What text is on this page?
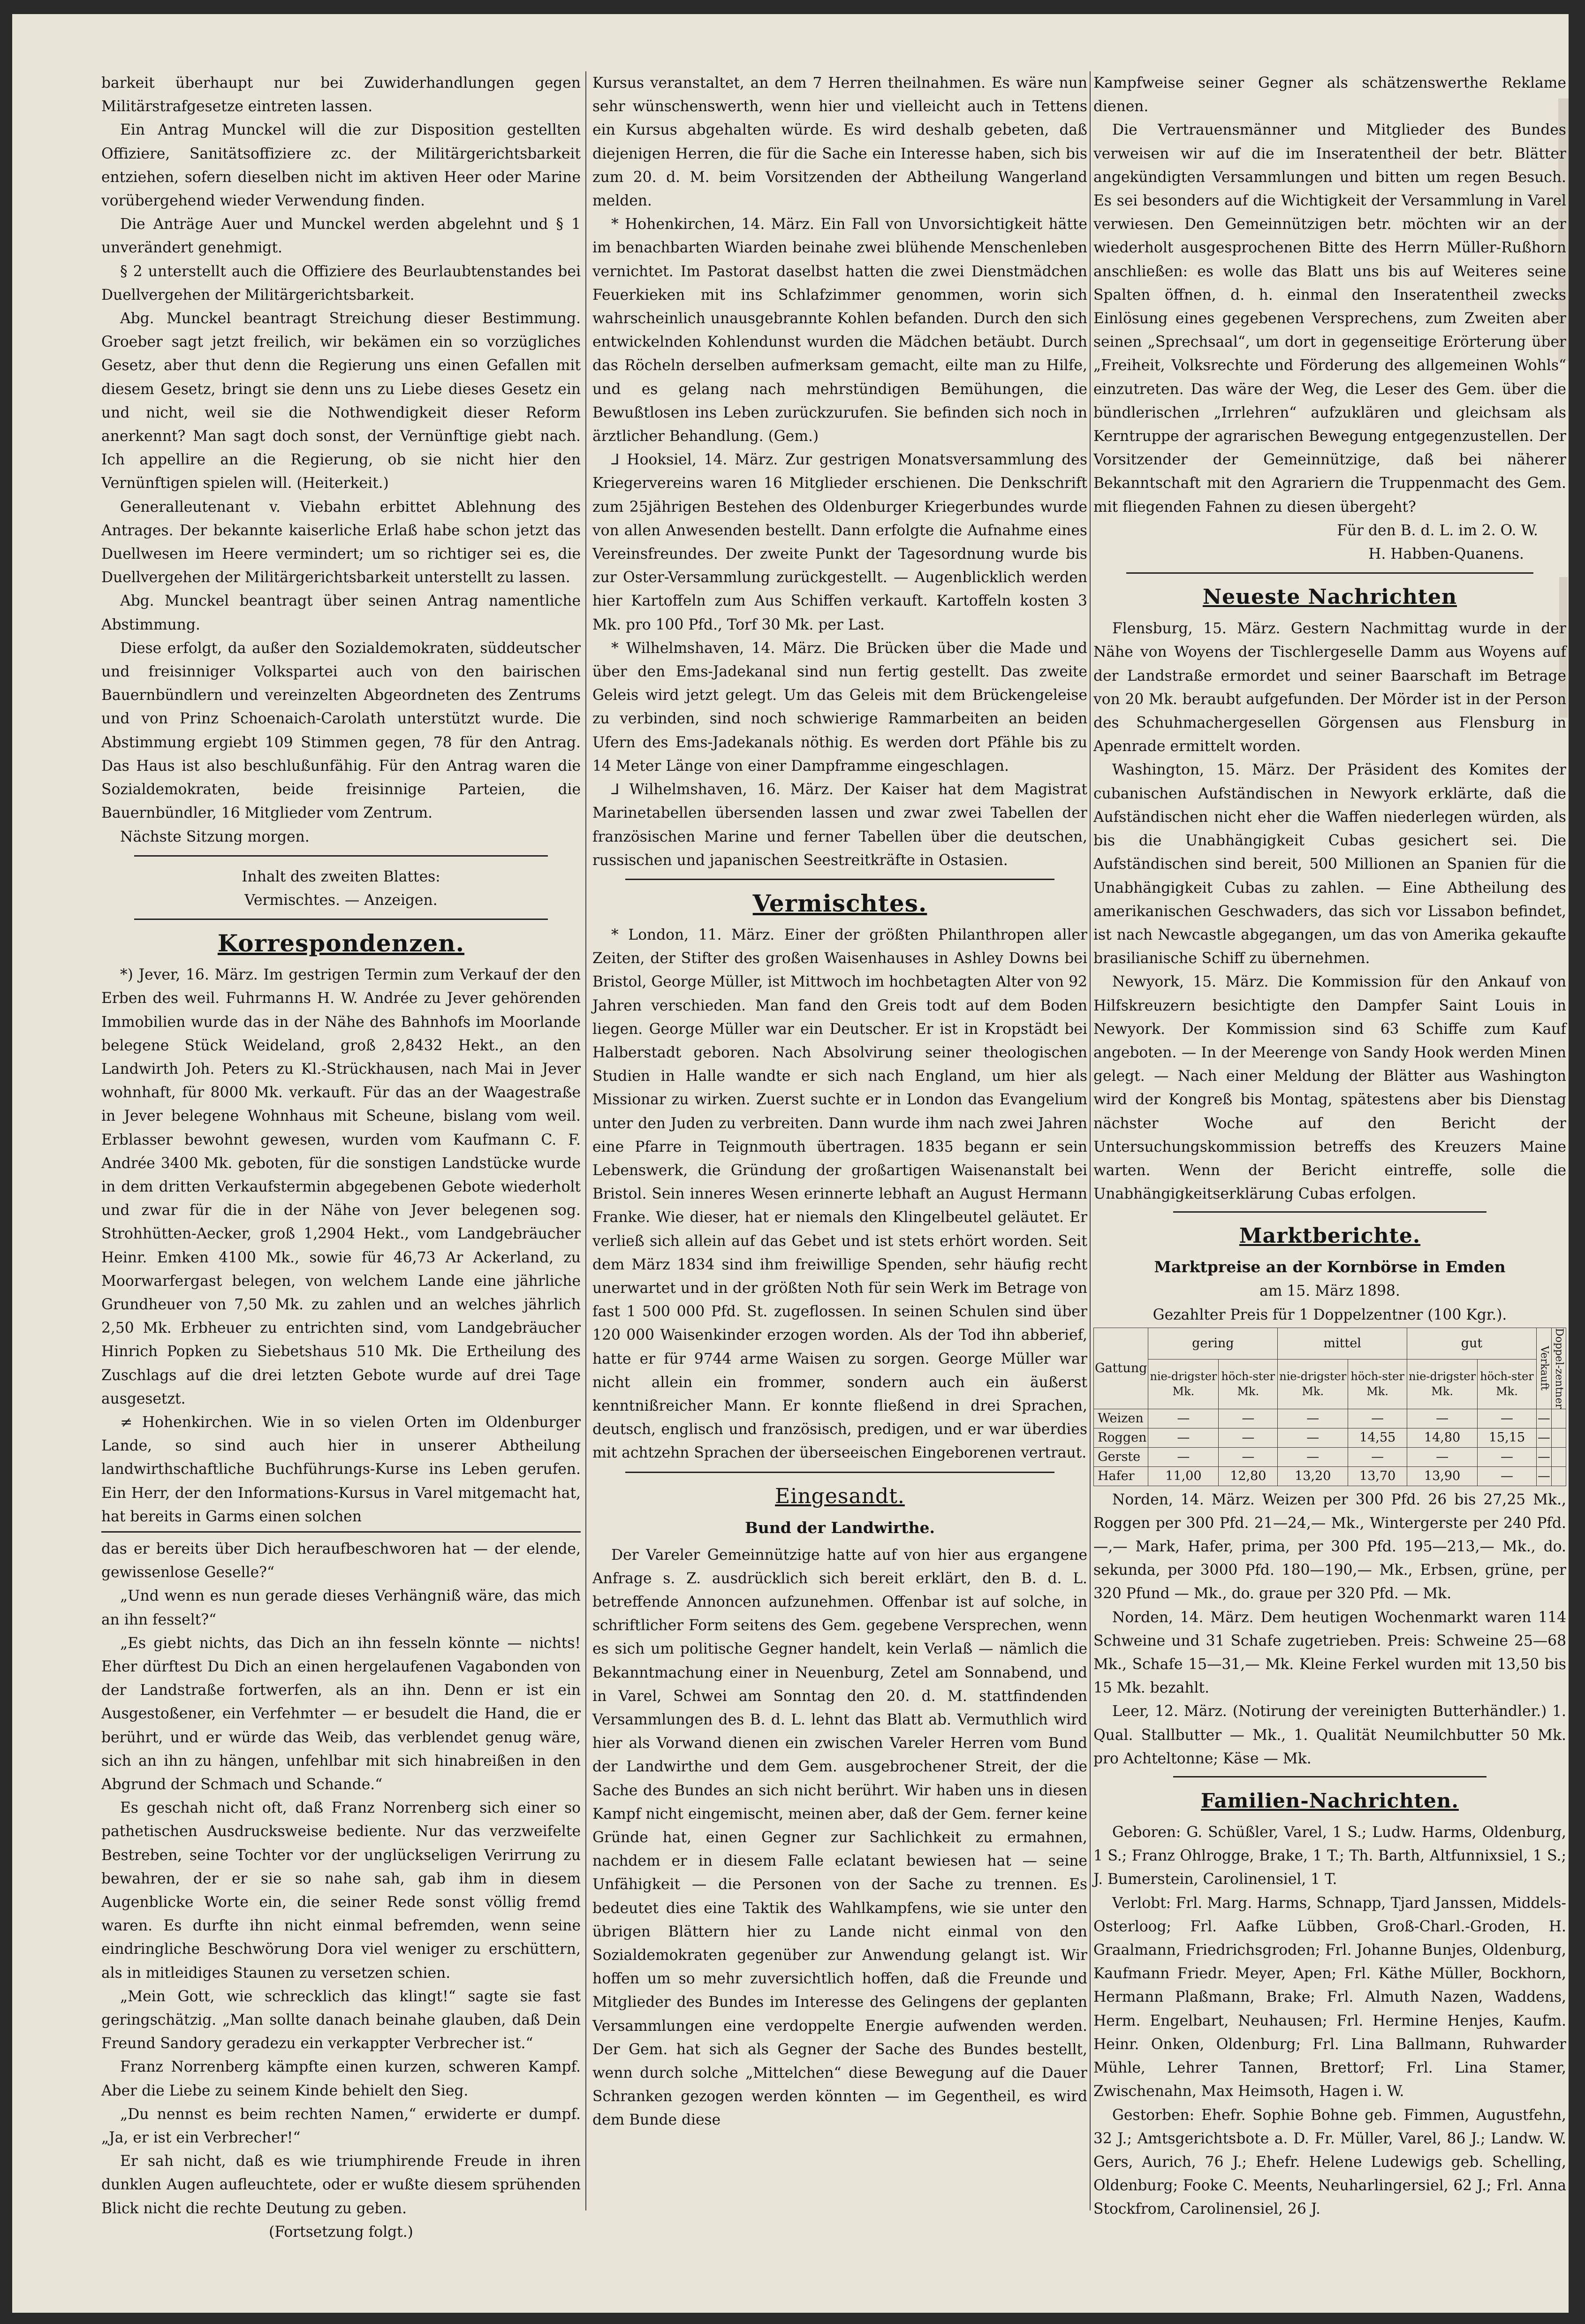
barkeit überhaupt nur bei Zuwiderhandlungen gegen Militärstrafgesetze eintreten lassen.

Ein Antrag Munckel will die zur Disposition gestellten Offiziere, Sanitätsoffiziere zc. der Militärgerichtsbarkeit entziehen, sofern dieselben nicht im aktiven Heer oder Marine vorübergehend wieder Verwendung finden.

Die Anträge Auer und Munckel werden abgelehnt und § 1 unverändert genehmigt.

§ 2 unterstellt auch die Offiziere des Beurlaubtenstandes bei Duellvergehen der Militärgerichtsbarkeit.

Abg. Munckel beantragt Streichung dieser Bestimmung. Groeber sagt jetzt freilich, wir bekämen ein so vorzügliches Gesetz, aber thut denn die Regierung uns einen Gefallen mit diesem Gesetz, bringt sie denn uns zu Liebe dieses Gesetz ein und nicht, weil sie die Nothwendigkeit dieser Reform anerkennt? Man sagt doch sonst, der Vernünftige giebt nach. Ich appellire an die Regierung, ob sie nicht hier den Vernünftigen spielen will. (Heiterkeit.)

Generalleutenant v. Viebahn erbittet Ablehnung des Antrages. Der bekannte kaiserliche Erlaß habe schon jetzt das Duellwesen im Heere vermindert; um so richtiger sei es, die Duellvergehen der Militärgerichtsbarkeit unterstellt zu lassen.

Abg. Munckel beantragt über seinen Antrag namentliche Abstimmung.

Diese erfolgt, da außer den Sozialdemokraten, süddeutscher und freisinniger Volkspartei auch von den bairischen Bauernbündlern und vereinzelten Abgeordneten des Zentrums und von Prinz Schoenaich-Carolath unterstützt wurde. Die Abstimmung ergiebt 109 Stimmen gegen, 78 für den Antrag. Das Haus ist also beschlußunfähig. Für den Antrag waren die Sozialdemokraten, beide freisinnige Parteien, die Bauernbündler, 16 Mitglieder vom Zentrum.

Nächste Sitzung morgen.

Inhalt des zweiten Blattes:

Vermischtes. — Anzeigen.

Korrespondenzen.

*) Jever, 16. März. Im gestrigen Termin zum Verkauf der den Erben des weil. Fuhrmanns H. W. Andrée zu Jever gehörenden Immobilien wurde das in der Nähe des Bahnhofs im Moorlande belegene Stück Weideland, groß 2,8432 Hekt., an den Landwirth Joh. Peters zu Kl.-Strückhausen, nach Mai in Jever wohnhaft, für 8000 Mk. verkauft. Für das an der Waagestraße in Jever belegene Wohnhaus mit Scheune, bislang vom weil. Erblasser bewohnt gewesen, wurden vom Kaufmann C. F. Andrée 3400 Mk. geboten, für die sonstigen Landstücke wurde in dem dritten Verkaufstermin abgegebenen Gebote wiederholt und zwar für die in der Nähe von Jever belegenen sog. Strohhütten-Aecker, groß 1,2904 Hekt., vom Landgebräucher Heinr. Emken 4100 Mk., sowie für 46,73 Ar Ackerland, zu Moorwarfergast belegen, von welchem Lande eine jährliche Grundheuer von 7,50 Mk. zu zahlen und an welches jährlich 2,50 Mk. Erbheuer zu entrichten sind, vom Landgebräucher Hinrich Popken zu Siebetshaus 510 Mk. Die Ertheilung des Zuschlags auf die drei letzten Gebote wurde auf drei Tage ausgesetzt.

≠ Hohenkirchen. Wie in so vielen Orten im Oldenburger Lande, so sind auch hier in unserer Abtheilung landwirthschaftliche Buchführungs-Kurse ins Leben gerufen. Ein Herr, der den Informations-Kursus in Varel mitgemacht hat, hat bereits in Garms einen solchen

das er bereits über Dich heraufbeschworen hat — der elende, gewissenlose Geselle?“

„Und wenn es nun gerade dieses Verhängniß wäre, das mich an ihn fesselt?“

„Es giebt nichts, das Dich an ihn fesseln könnte — nichts! Eher dürftest Du Dich an einen hergelaufenen Vagabonden von der Landstraße fortwerfen, als an ihn. Denn er ist ein Ausgestoßener, ein Verfehmter — er besudelt die Hand, die er berührt, und er würde das Weib, das verblendet genug wäre, sich an ihn zu hängen, unfehlbar mit sich hinabreißen in den Abgrund der Schmach und Schande.“

Es geschah nicht oft, daß Franz Norrenberg sich einer so pathetischen Ausdrucksweise bediente. Nur das verzweifelte Bestreben, seine Tochter vor der unglückseligen Verirrung zu bewahren, der er sie so nahe sah, gab ihm in diesem Augenblicke Worte ein, die seiner Rede sonst völlig fremd waren. Es durfte ihn nicht einmal befremden, wenn seine eindringliche Beschwörung Dora viel weniger zu erschüttern, als in mitleidiges Staunen zu versetzen schien.

„Mein Gott, wie schrecklich das klingt!“ sagte sie fast geringschätzig. „Man sollte danach beinahe glauben, daß Dein Freund Sandory geradezu ein verkappter Verbrecher ist.“

Franz Norrenberg kämpfte einen kurzen, schweren Kampf. Aber die Liebe zu seinem Kinde behielt den Sieg.

„Du nennst es beim rechten Namen,“ erwiderte er dumpf. „Ja, er ist ein Verbrecher!“

Er sah nicht, daß es wie triumphirende Freude in ihren dunklen Augen aufleuchtete, oder er wußte diesem sprühenden Blick nicht die rechte Deutung zu geben.

(Fortsetzung folgt.)

Kursus veranstaltet, an dem 7 Herren theilnahmen. Es wäre nun sehr wünschenswerth, wenn hier und vielleicht auch in Tettens ein Kursus abgehalten würde. Es wird deshalb gebeten, daß diejenigen Herren, die für die Sache ein Interesse haben, sich bis zum 20. d. M. beim Vorsitzenden der Abtheilung Wangerland melden.

* Hohenkirchen, 14. März. Ein Fall von Unvorsichtigkeit hätte im benachbarten Wiarden beinahe zwei blühende Menschenleben vernichtet. Im Pastorat daselbst hatten die zwei Dienstmädchen Feuerkieken mit ins Schlafzimmer genommen, worin sich wahrscheinlich unausgebrannte Kohlen befanden. Durch den sich entwickelnden Kohlendunst wurden die Mädchen betäubt. Durch das Röcheln derselben aufmerksam gemacht, eilte man zu Hilfe, und es gelang nach mehrstündigen Bemühungen, die Bewußtlosen ins Leben zurückzurufen. Sie befinden sich noch in ärztlicher Behandlung. (Gem.)

⅃ Hooksiel, 14. März. Zur gestrigen Monatsversammlung des Kriegervereins waren 16 Mitglieder erschienen. Die Denkschrift zum 25jährigen Bestehen des Oldenburger Kriegerbundes wurde von allen Anwesenden bestellt. Dann erfolgte die Aufnahme eines Vereinsfreundes. Der zweite Punkt der Tagesordnung wurde bis zur Oster-Versammlung zurückgestellt. — Augenblicklich werden hier Kartoffeln zum Aus Schiffen verkauft. Kartoffeln kosten 3 Mk. pro 100 Pfd., Torf 30 Mk. per Last.

* Wilhelmshaven, 14. März. Die Brücken über die Made und über den Ems-Jadekanal sind nun fertig gestellt. Das zweite Geleis wird jetzt gelegt. Um das Geleis mit dem Brückengeleise zu verbinden, sind noch schwierige Rammarbeiten an beiden Ufern des Ems-Jadekanals nöthig. Es werden dort Pfähle bis zu 14 Meter Länge von einer Dampframme eingeschlagen.

⅃ Wilhelmshaven, 16. März. Der Kaiser hat dem Magistrat Marinetabellen übersenden lassen und zwar zwei Tabellen der französischen Marine und ferner Tabellen über die deutschen, russischen und japanischen Seestreitkräfte in Ostasien.

Vermischtes.

* London, 11. März. Einer der größten Philanthropen aller Zeiten, der Stifter des großen Waisenhauses in Ashley Downs bei Bristol, George Müller, ist Mittwoch im hochbetagten Alter von 92 Jahren verschieden. Man fand den Greis todt auf dem Boden liegen. George Müller war ein Deutscher. Er ist in Kropstädt bei Halberstadt geboren. Nach Absolvirung seiner theologischen Studien in Halle wandte er sich nach England, um hier als Missionar zu wirken. Zuerst suchte er in London das Evangelium unter den Juden zu verbreiten. Dann wurde ihm nach zwei Jahren eine Pfarre in Teignmouth übertragen. 1835 begann er sein Lebenswerk, die Gründung der großartigen Waisenanstalt bei Bristol. Sein inneres Wesen erinnerte lebhaft an August Hermann Franke. Wie dieser, hat er niemals den Klingelbeutel geläutet. Er verließ sich allein auf das Gebet und ist stets erhört worden. Seit dem März 1834 sind ihm freiwillige Spenden, sehr häufig recht unerwartet und in der größten Noth für sein Werk im Betrage von fast 1 500 000 Pfd. St. zugeflossen. In seinen Schulen sind über 120 000 Waisenkinder erzogen worden. Als der Tod ihn abberief, hatte er für 9744 arme Waisen zu sorgen. George Müller war nicht allein ein frommer, sondern auch ein äußerst kenntnißreicher Mann. Er konnte fließend in drei Sprachen, deutsch, englisch und französisch, predigen, und er war überdies mit achtzehn Sprachen der überseeischen Eingeborenen vertraut.

Eingesandt.
Bund der Landwirthe.

Der Vareler Gemeinnützige hatte auf von hier aus ergangene Anfrage s. Z. ausdrücklich sich bereit erklärt, den B. d. L. betreffende Annoncen aufzunehmen. Offenbar ist auf solche, in schriftlicher Form seitens des Gem. gegebene Versprechen, wenn es sich um politische Gegner handelt, kein Verlaß — nämlich die Bekanntmachung einer in Neuenburg, Zetel am Sonnabend, und in Varel, Schwei am Sonntag den 20. d. M. stattfindenden Versammlungen des B. d. L. lehnt das Blatt ab. Vermuthlich wird hier als Vorwand dienen ein zwischen Vareler Herren vom Bund der Landwirthe und dem Gem. ausgebrochener Streit, der die Sache des Bundes an sich nicht berührt. Wir haben uns in diesen Kampf nicht eingemischt, meinen aber, daß der Gem. ferner keine Gründe hat, einen Gegner zur Sachlichkeit zu ermahnen, nachdem er in diesem Falle eclatant bewiesen hat — seine Unfähigkeit — die Personen von der Sache zu trennen. Es bedeutet dies eine Taktik des Wahlkampfens, wie sie unter den übrigen Blättern hier zu Lande nicht einmal von den Sozialdemokraten gegenüber zur Anwendung gelangt ist. Wir hoffen um so mehr zuversichtlich hoffen, daß die Freunde und Mitglieder des Bundes im Interesse des Gelingens der geplanten Versammlungen eine verdoppelte Energie aufwenden werden. Der Gem. hat sich als Gegner der Sache des Bundes bestellt, wenn durch solche „Mittelchen“ diese Bewegung auf die Dauer Schranken gezogen werden könnten — im Gegentheil, es wird dem Bunde diese

Kampfweise seiner Gegner als schätzenswerthe Reklame dienen.

Die Vertrauensmänner und Mitglieder des Bundes verweisen wir auf die im Inseratentheil der betr. Blätter angekündigten Versammlungen und bitten um regen Besuch. Es sei besonders auf die Wichtigkeit der Versammlung in Varel verwiesen. Den Gemeinnützigen betr. möchten wir an der wiederholt ausgesprochenen Bitte des Herrn Müller-Rußhorn anschließen: es wolle das Blatt uns bis auf Weiteres seine Spalten öffnen, d. h. einmal den Inseratentheil zwecks Einlösung eines gegebenen Versprechens, zum Zweiten aber seinen „Sprechsaal“, um dort in gegenseitige Erörterung über „Freiheit, Volksrechte und Förderung des allgemeinen Wohls“ einzutreten. Das wäre der Weg, die Leser des Gem. über die bündlerischen „Irrlehren“ aufzuklären und gleichsam als Kerntruppe der agrarischen Bewegung entgegenzustellen. Der Vorsitzender der Gemeinnützige, daß bei näherer Bekanntschaft mit den Agrariern die Truppenmacht des Gem. mit fliegenden Fahnen zu diesen übergeht?

Für den B. d. L. im 2. O. W.

H. Habben-Quanens.

Neueste Nachrichten

Flensburg, 15. März. Gestern Nachmittag wurde in der Nähe von Woyens der Tischlergeselle Damm aus Woyens auf der Landstraße ermordet und seiner Baarschaft im Betrage von 20 Mk. beraubt aufgefunden. Der Mörder ist in der Person des Schuhmachergesellen Görgensen aus Flensburg in Apenrade ermittelt worden.

Washington, 15. März. Der Präsident des Komites der cubanischen Aufständischen in Newyork erklärte, daß die Aufständischen nicht eher die Waffen niederlegen würden, als bis die Unabhängigkeit Cubas gesichert sei. Die Aufständischen sind bereit, 500 Millionen an Spanien für die Unabhängigkeit Cubas zu zahlen. — Eine Abtheilung des amerikanischen Geschwaders, das sich vor Lissabon befindet, ist nach Newcastle abgegangen, um das von Amerika gekaufte brasilianische Schiff zu übernehmen.

Newyork, 15. März. Die Kommission für den Ankauf von Hilfskreuzern besichtigte den Dampfer Saint Louis in Newyork. Der Kommission sind 63 Schiffe zum Kauf angeboten. — In der Meerenge von Sandy Hook werden Minen gelegt. — Nach einer Meldung der Blätter aus Washington wird der Kongreß bis Montag, spätestens aber bis Dienstag nächster Woche auf den Bericht der Untersuchungskommission betreffs des Kreuzers Maine warten. Wenn der Bericht eintreffe, solle die Unabhängigkeitserklärung Cubas erfolgen.

Marktberichte.
Marktpreise an der Kornbörse in Emden

am 15. März 1898.

Gezahlter Preis für 1 Doppelzentner (100 Kgr.).

Gattung	gering		mittel		gut		Verkauft	Doppel-zentner
	nie-drigster Mk.	höch-ster Mk.	nie-drigster Mk.	höch-ster Mk.	nie-drigster Mk.	höch-ster Mk.		
Weizen	—	—	—	—	—	—	—	
Roggen	—	—	—	14,55	14,80	15,15	—	
Gerste	—	—	—	—	—	—	—	
Hafer	11,00	12,80	13,20	13,70	13,90	—	—	

Norden, 14. März. Weizen per 300 Pfd. 26 bis 27,25 Mk., Roggen per 300 Pfd. 21—24,— Mk., Wintergerste per 240 Pfd. —,— Mark, Hafer, prima, per 300 Pfd. 195—213,— Mk., do. sekunda, per 3000 Pfd. 180—190,— Mk., Erbsen, grüne, per 320 Pfund — Mk., do. graue per 320 Pfd. — Mk.

Norden, 14. März. Dem heutigen Wochenmarkt waren 114 Schweine und 31 Schafe zugetrieben. Preis: Schweine 25—68 Mk., Schafe 15—31,— Mk. Kleine Ferkel wurden mit 13,50 bis 15 Mk. bezahlt.

Leer, 12. März. (Notirung der vereinigten Butterhändler.) 1. Qual. Stallbutter — Mk., 1. Qualität Neumilchbutter 50 Mk. pro Achteltonne; Käse — Mk.

Familien-Nachrichten.

Geboren: G. Schüßler, Varel, 1 S.; Ludw. Harms, Oldenburg, 1 S.; Franz Ohlrogge, Brake, 1 T.; Th. Barth, Altfunnixsiel, 1 S.; J. Bumerstein, Carolinensiel, 1 T.

Verlobt: Frl. Marg. Harms, Schnapp, Tjard Janssen, Middels-Osterloog; Frl. Aafke Lübben, Groß-Charl.-Groden, H. Graalmann, Friedrichsgroden; Frl. Johanne Bunjes, Oldenburg, Kaufmann Friedr. Meyer, Apen; Frl. Käthe Müller, Bockhorn, Hermann Plaßmann, Brake; Frl. Almuth Nazen, Waddens, Herm. Engelbart, Neuhausen; Frl. Hermine Henjes, Kaufm. Heinr. Onken, Oldenburg; Frl. Lina Ballmann, Ruhwarder Mühle, Lehrer Tannen, Brettorf; Frl. Lina Stamer, Zwischenahn, Max Heimsoth, Hagen i. W.

Gestorben: Ehefr. Sophie Bohne geb. Fimmen, Augustfehn, 32 J.; Amtsgerichtsbote a. D. Fr. Müller, Varel, 86 J.; Landw. W. Gers, Aurich, 76 J.; Ehefr. Helene Ludewigs geb. Schelling, Oldenburg; Fooke C. Meents, Neuharlingersiel, 62 J.; Frl. Anna Stockfrom, Carolinensiel, 26 J.
